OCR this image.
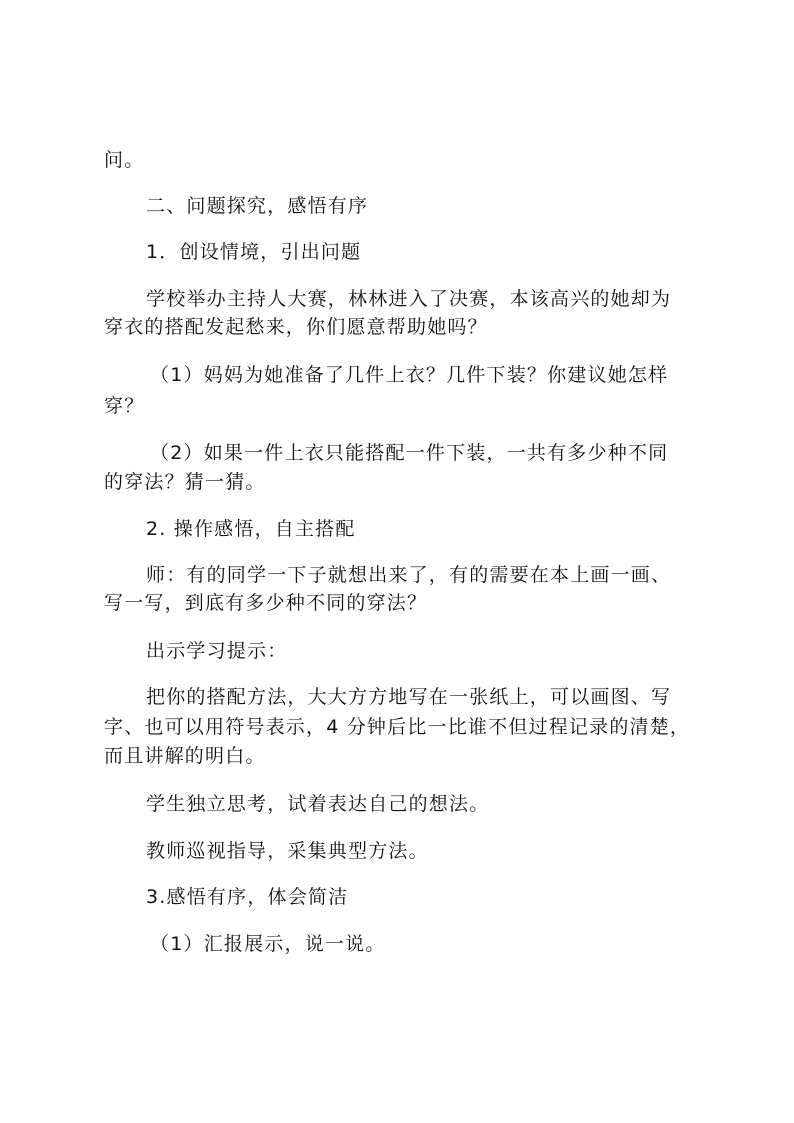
问。
二、问题探究，感悟有序
1．创设情境，引出问题
学校举办主持人大赛，林林进入了决赛，本该高兴的她却为
穿衣的搭配发起愁来，你们愿意帮助她吗？
（1）妈妈为她准备了几件上衣？几件下装？你建议她怎样
穿？
（2）如果一件上衣只能搭配一件下装，一共有多少种不同
的穿法？猜一猜。
2. 操作感悟，自主搭配
师：有的同学一下子就想出来了，有的需要在本上画一画、
写一写，到底有多少种不同的穿法？
出示学习提示：
把你的搭配方法，大大方方地写在一张纸上，可以画图、写
字、也可以用符号表示，4 分钟后比一比谁不但过程记录的清楚，
而且讲解的明白。
学生独立思考，试着表达自己的想法。
教师巡视指导，采集典型方法。
3.感悟有序，体会简洁
（1）汇报展示，说一说。
